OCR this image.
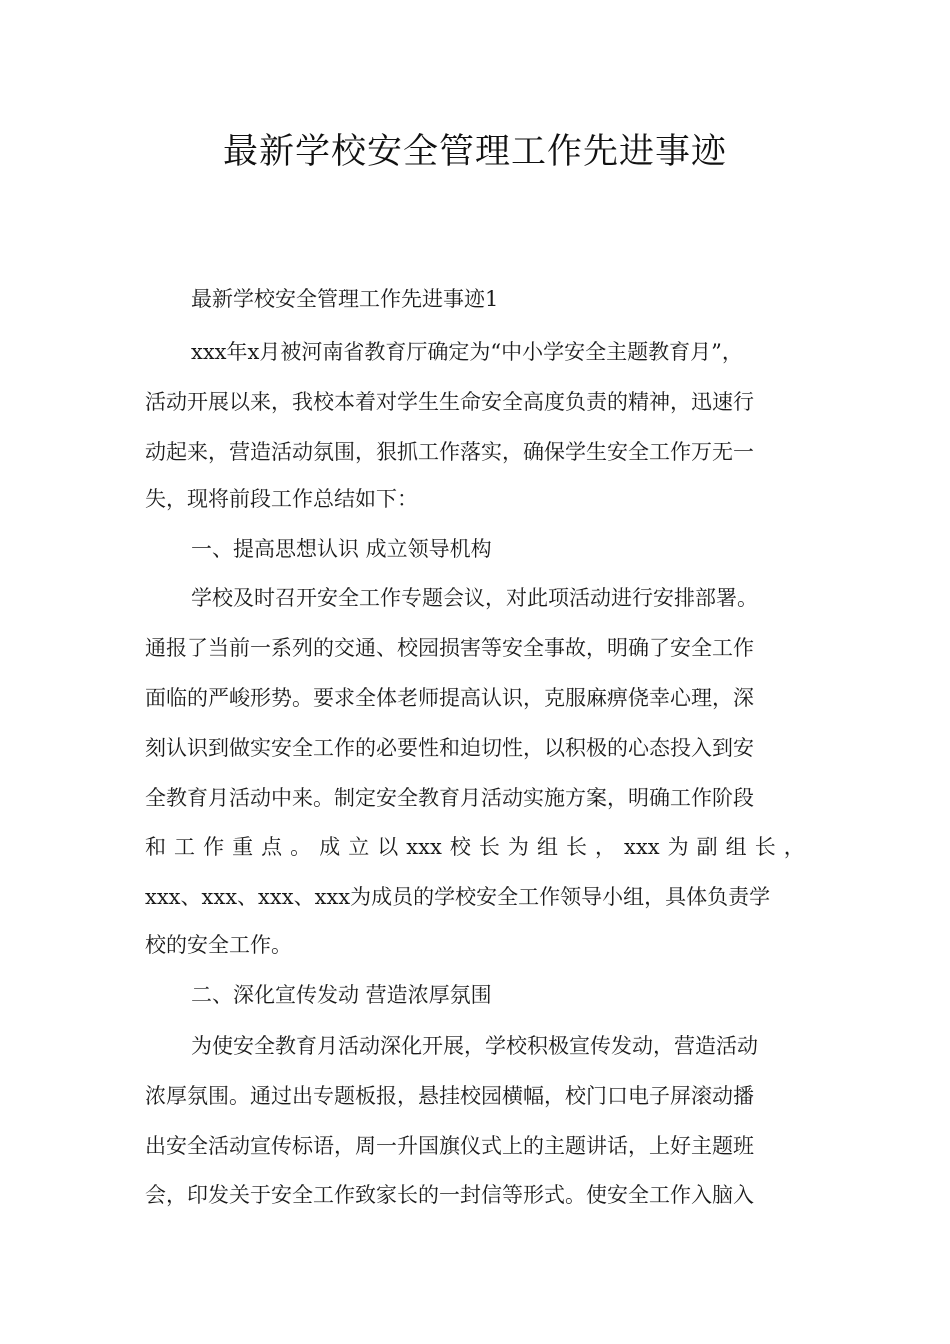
最新学校安全管理工作先进事迹
最新学校安全管理工作先进事迹1
xxx年x月被河南省教育厅确定为“中小学安全主题教育月”，
活动开展以来，我校本着对学生生命安全高度负责的精神，迅速行
动起来，营造活动氛围，狠抓工作落实，确保学生安全工作万无一
失，现将前段工作总结如下：
一、提高思想认识 成立领导机构
学校及时召开安全工作专题会议，对此项活动进行安排部署。
通报了当前一系列的交通、校园损害等安全事故，明确了安全工作
面临的严峻形势。要求全体老师提高认识，克服麻痹侥幸心理，深
刻认识到做实安全工作的必要性和迫切性，以积极的心态投入到安
全教育月活动中来。制定安全教育月活动实施方案，明确工作阶段
和 工 作 重 点 。 成 立 以 xxx 校 长 为 组 长 ， xxx 为 副 组 长 ，
xxx、xxx、xxx、xxx为成员的学校安全工作领导小组，具体负责学
校的安全工作。
二、深化宣传发动 营造浓厚氛围
为使安全教育月活动深化开展，学校积极宣传发动，营造活动
浓厚氛围。通过出专题板报，悬挂校园横幅，校门口电子屏滚动播
出安全活动宣传标语，周一升国旗仪式上的主题讲话，上好主题班
会，印发关于安全工作致家长的一封信等形式。使安全工作入脑入
